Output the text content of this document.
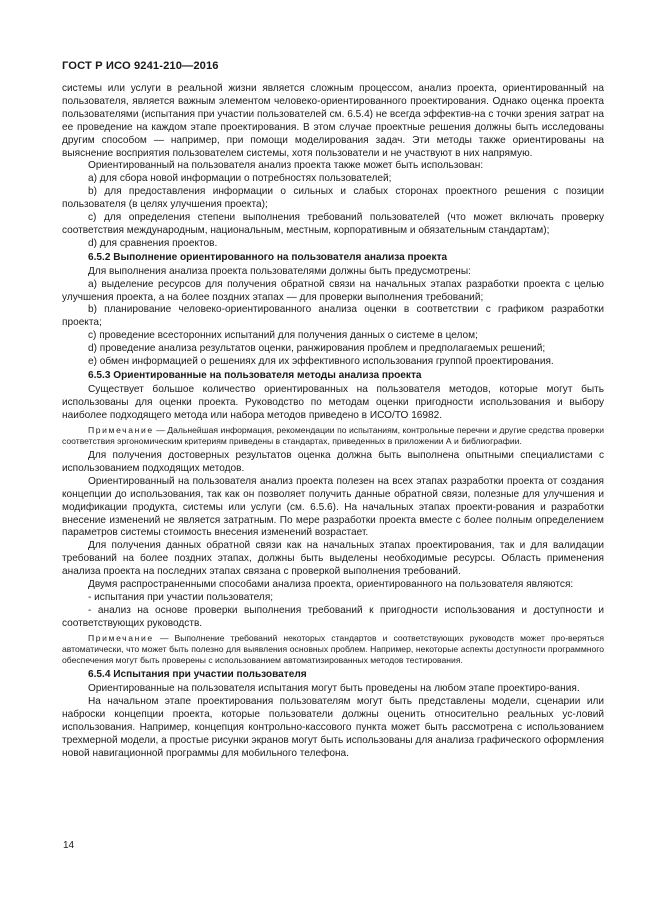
ГОСТ Р ИСО 9241-210—2016

системы или услуги в реальной жизни является сложным процессом, анализ проекта, ориентированный на пользователя, является важным элементом человеко-ориентированного проектирования. Однако оценка проекта пользователями (испытания при участии пользователей см. 6.5.4) не всегда эффектив-на с точки зрения затрат на ее проведение на каждом этапе проектирования. В этом случае проектные решения должны быть исследованы другим способом — например, при помощи моделирования задач. Эти методы также ориентированы на выяснение восприятия пользователем системы, хотя пользователи и не участвуют в них напрямую.

Ориентированный на пользователя анализ проекта также может быть использован:

а) для сбора новой информации о потребностях пользователей;

b) для предоставления информации о сильных и слабых сторонах проектного решения с позиции пользователя (в целях улучшения проекта);

с) для определения степени выполнения требований пользователей (что может включать проверку соответствия международным, национальным, местным, корпоративным и обязательным стандартам);

d) для сравнения проектов.

6.5.2 Выполнение ориентированного на пользователя анализа проекта

Для выполнения анализа проекта пользователями должны быть предусмотрены:

а) выделение ресурсов для получения обратной связи на начальных этапах разработки проекта с целью улучшения проекта, а на более поздних этапах — для проверки выполнения требований;

b) планирование человеко-ориентированного анализа оценки в соответствии с графиком разработки проекта;

с) проведение всесторонних испытаний для получения данных о системе в целом;

d) проведение анализа результатов оценки, ранжирования проблем и предполагаемых решений;

е) обмен информацией о решениях для их эффективного использования группой проектирования.

6.5.3 Ориентированные на пользователя методы анализа проекта

Существует большое количество ориентированных на пользователя методов, которые могут быть использованы для оценки проекта. Руководство по методам оценки пригодности использования и выбору наиболее подходящего метода или набора методов приведено в ИСО/ТО 16982.

Примечание — Дальнейшая информация, рекомендации по испытаниям, контрольные перечни и другие средства проверки соответствия эргономическим критериям приведены в стандартах, приведенных в приложении А и библиографии.

Для получения достоверных результатов оценка должна быть выполнена опытными специалистами с использованием подходящих методов.

Ориентированный на пользователя анализ проекта полезен на всех этапах разработки проекта от создания концепции до использования, так как он позволяет получить данные обратной связи, полезные для улучшения и модификации продукта, системы или услуги (см. 6.5.6). На начальных этапах проекти-рования и разработки внесение изменений не является затратным. По мере разработки проекта вместе с более полным определением параметров системы стоимость внесения изменений возрастает.

Для получения данных обратной связи как на начальных этапах проектирования, так и для валидации требований на более поздних этапах, должны быть выделены необходимые ресурсы. Область применения анализа проекта на последних этапах связана с проверкой выполнения требований.

Двумя распространенными способами анализа проекта, ориентированного на пользователя являются:

- испытания при участии пользователя;

- анализ на основе проверки выполнения требований к пригодности использования и доступности и соответствующих руководств.

Примечание — Выполнение требований некоторых стандартов и соответствующих руководств может про-веряться автоматически, что может быть полезно для выявления основных проблем. Например, некоторые аспекты доступности программного обеспечения могут быть проверены с использованием автоматизированных методов тестирования.

6.5.4 Испытания при участии пользователя

Ориентированные на пользователя испытания могут быть проведены на любом этапе проектиро-вания.

На начальном этапе проектирования пользователям могут быть представлены модели, сценарии или наброски концепции проекта, которые пользователи должны оценить относительно реальных ус-ловий использования. Например, концепция контрольно-кассового пункта может быть рассмотрена с использованием трехмерной модели, а простые рисунки экранов могут быть использованы для анализа графического оформления новой навигационной программы для мобильного телефона.

14
